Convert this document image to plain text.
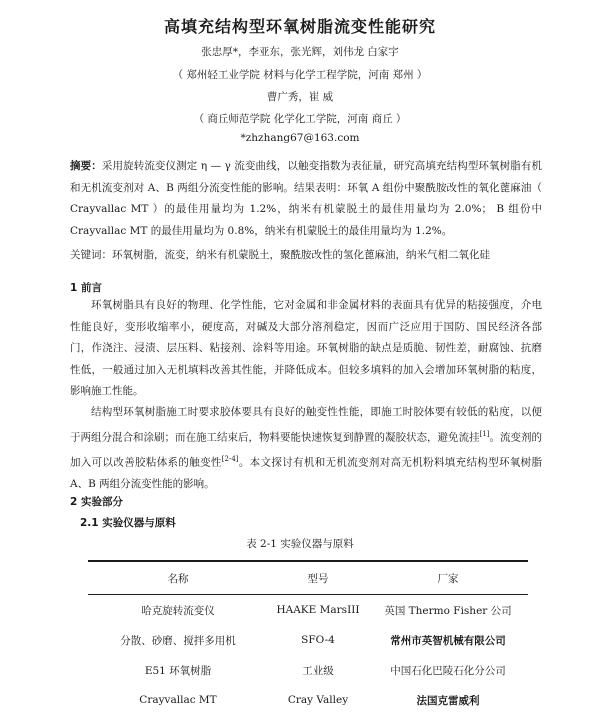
高填充结构型环氧树脂流变性能研究
张忠厚*，李亚东，张光辉，刘伟龙 白家宇
（ 郑州轻工业学院 材料与化学工程学院，河南 郑州 ）
曹广秀，崔 威
（ 商丘师范学院 化学化工学院，河南 商丘 ）
*zhzhang67@163.com
摘要：采用旋转流变仪测定 η — γ 流变曲线，以触变指数为表征量，研究高填充结构型环氧树脂有机和无机流变剂对 A、B 两组分流变性能的影响。结果表明：环氧 A 组份中聚酰胺改性的氧化蓖麻油（ Crayvallac MT ）的最佳用量均为 1.2%，纳米有机蒙脱土的最佳用量均为 2.0%； B 组份中 Crayvallac MT 的最佳用量均为 0.8%，纳米有机蒙脱土的最佳用量均为 1.2%。
关键词：环氧树脂，流变，纳米有机蒙脱土，聚酰胺改性的氢化蓖麻油，纳米气相二氧化硅
1 前言
环氧树脂具有良好的物理、化学性能，它对金属和非金属材料的表面具有优异的粘接强度，介电性能良好，变形收缩率小，硬度高，对碱及大部分溶剂稳定，因而广泛应用于国防、国民经济各部门，作浇注、浸渍、层压料、粘接剂、涂料等用途。环氧树脂的缺点是质脆、韧性差，耐腐蚀、抗磨性低，一般通过加入无机填料改善其性能，并降低成本。但较多填料的加入会增加环氧树脂的粘度，影响施工性能。
结构型环氧树脂施工时要求胶体要具有良好的触变性性能，即施工时胶体要有较低的粘度，以便于两组分混合和涂刷；而在施工结束后，物料要能快速恢复到静置的凝胶状态，避免流挂[1]。流变剂的加入可以改善胶粘体系的触变性[2-4]。本文探讨有机和无机流变剂对高无机粉料填充结构型环氧树脂 A、B 两组分流变性能的影响。
2 实验部分
2.1 实验仪器与原料
表 2-1 实验仪器与原料
名称	型号	厂家
哈克旋转流变仪	HAAKE MarsIII	英国 Thermo Fisher 公司
分散、砂磨、搅拌多用机	SFO-4	常州市英智机械有限公司
E51 环氧树脂	工业级	中国石化巴陵石化分公司
Crayvallac MT	Cray Valley	法国克雷威利
